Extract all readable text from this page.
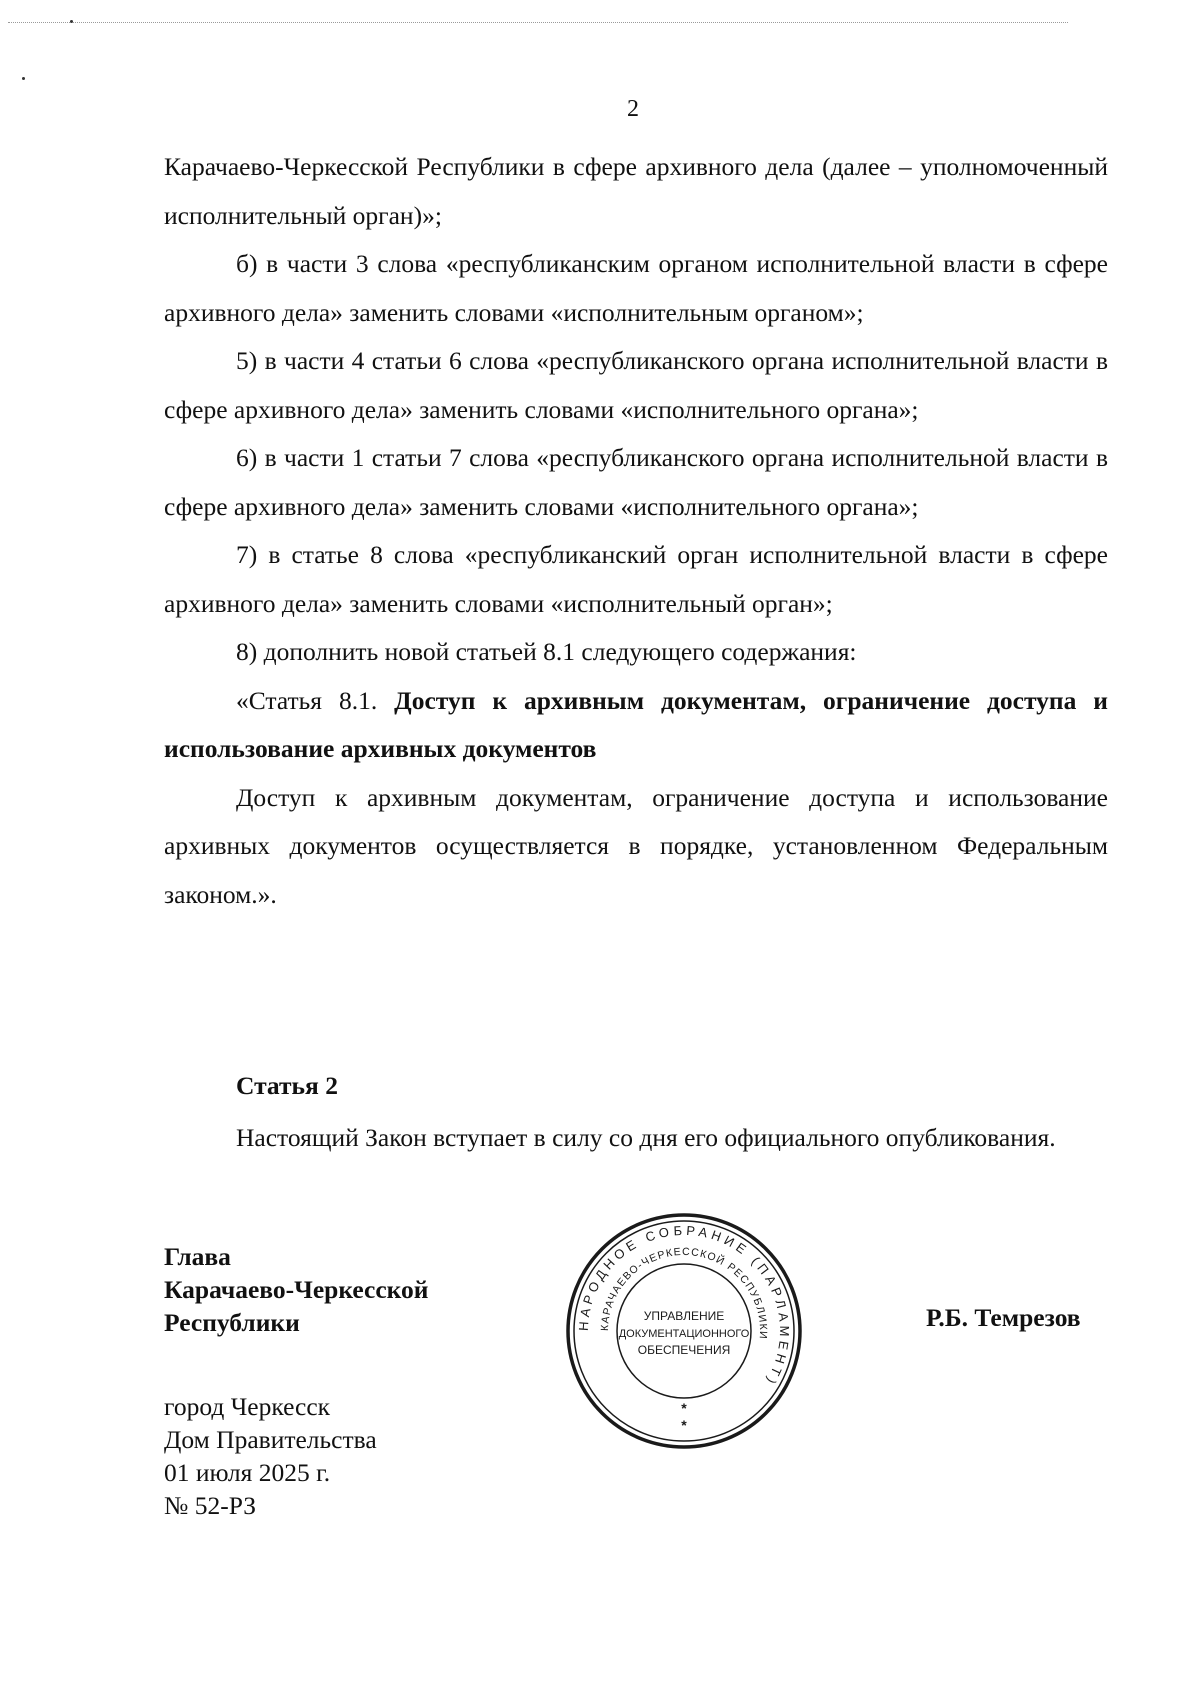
2

Карачаево-Черкесской Республики в сфере архивного дела (далее – уполномоченный исполнительный орган)»;

б) в части 3 слова «республиканским органом исполнительной власти в сфере архивного дела» заменить словами «исполнительным органом»;

5) в части 4 статьи 6 слова «республиканского органа исполнительной власти в сфере архивного дела» заменить словами «исполнительного органа»;

6) в части 1 статьи 7 слова «республиканского органа исполнительной власти в сфере архивного дела» заменить словами «исполнительного органа»;

7) в статье 8 слова «республиканский орган исполнительной власти в сфере архивного дела» заменить словами «исполнительный орган»;

8) дополнить новой статьей 8.1 следующего содержания:

«Статья 8.1. Доступ к архивным документам, ограничение доступа и использование архивных документов

Доступ к архивным документам, ограничение доступа и использование архивных документов осуществляется в порядке, установленном Федеральным законом.».

Статья 2

Настоящий Закон вступает в силу со дня его официального опубликования.

Глава
Карачаево-Черкесской
Республики	НАРОДНОЕ СОБРАНИЕ (ПАРЛАМЕНТ)
КАРАЧАЕВО-ЧЕРКЕССКОЙ РЕСПУБЛИКИ
УПРАВЛЕНИЕ
ДОКУМЕНТАЦИОННОГО
ОБЕСПЕЧЕНИЯ
*
*
Р.Б. Темрезов
город Черкесск
Дом Правительства
01 июля 2025 г.
№ 52-РЗ
